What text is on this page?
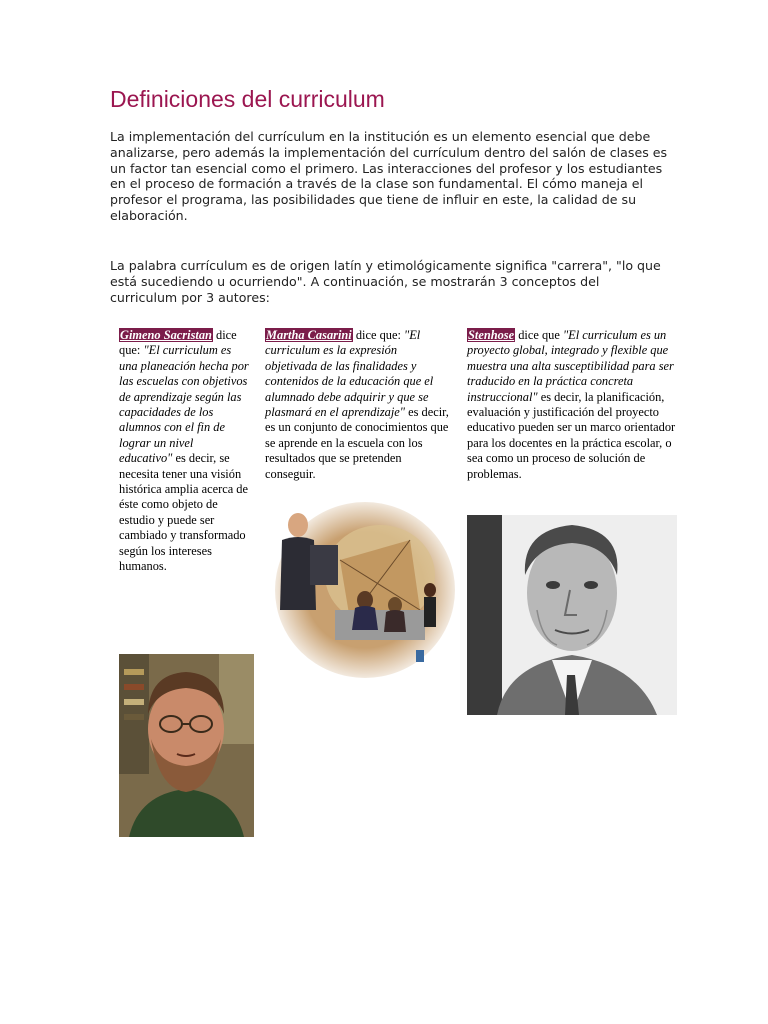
Definiciones del curriculum

La implementación del currículum en la institución es un elemento esencial que debe analizarse, pero además la implementación del currículum dentro del salón de clases es un factor tan esencial como el primero. Las interacciones del profesor y los estudiantes en el proceso de formación a través de la clase son fundamental. El cómo maneja el profesor el programa, las posibilidades que tiene de influir en este, la calidad de su elaboración.

La palabra currículum es de origen latín y etimológicamente significa "carrera", "lo que está sucediendo u ocurriendo". A continuación, se mostrarán 3 conceptos del curriculum por 3 autores:

Gimeno Sacristan dice que: "El curriculum es una planeación hecha por las escuelas con objetivos de aprendizaje según las capacidades de los alumnos con el fin de lograr un nivel educativo" es decir, se necesita tener una visión histórica amplia acerca de éste como objeto de estudio y puede ser cambiado y transformado según los intereses humanos.
Martha Casarini dice que: "El curriculum es la expresión objetivada de las finalidades y contenidos de la educación que el alumnado debe adquirir y que se plasmará en el aprendizaje" es decir, es un conjunto de conocimientos que se aprende en la escuela con los resultados que se pretenden conseguir.
Stenhose dice que "El curriculum es un proyecto global, integrado y flexible que muestra una alta susceptibilidad para ser traducido en la práctica concreta instruccional" es decir, la planificación, evaluación y justificación del proyecto educativo pueden ser un marco orientador para los docentes en la práctica escolar, o sea como un proceso de solución de problemas.
